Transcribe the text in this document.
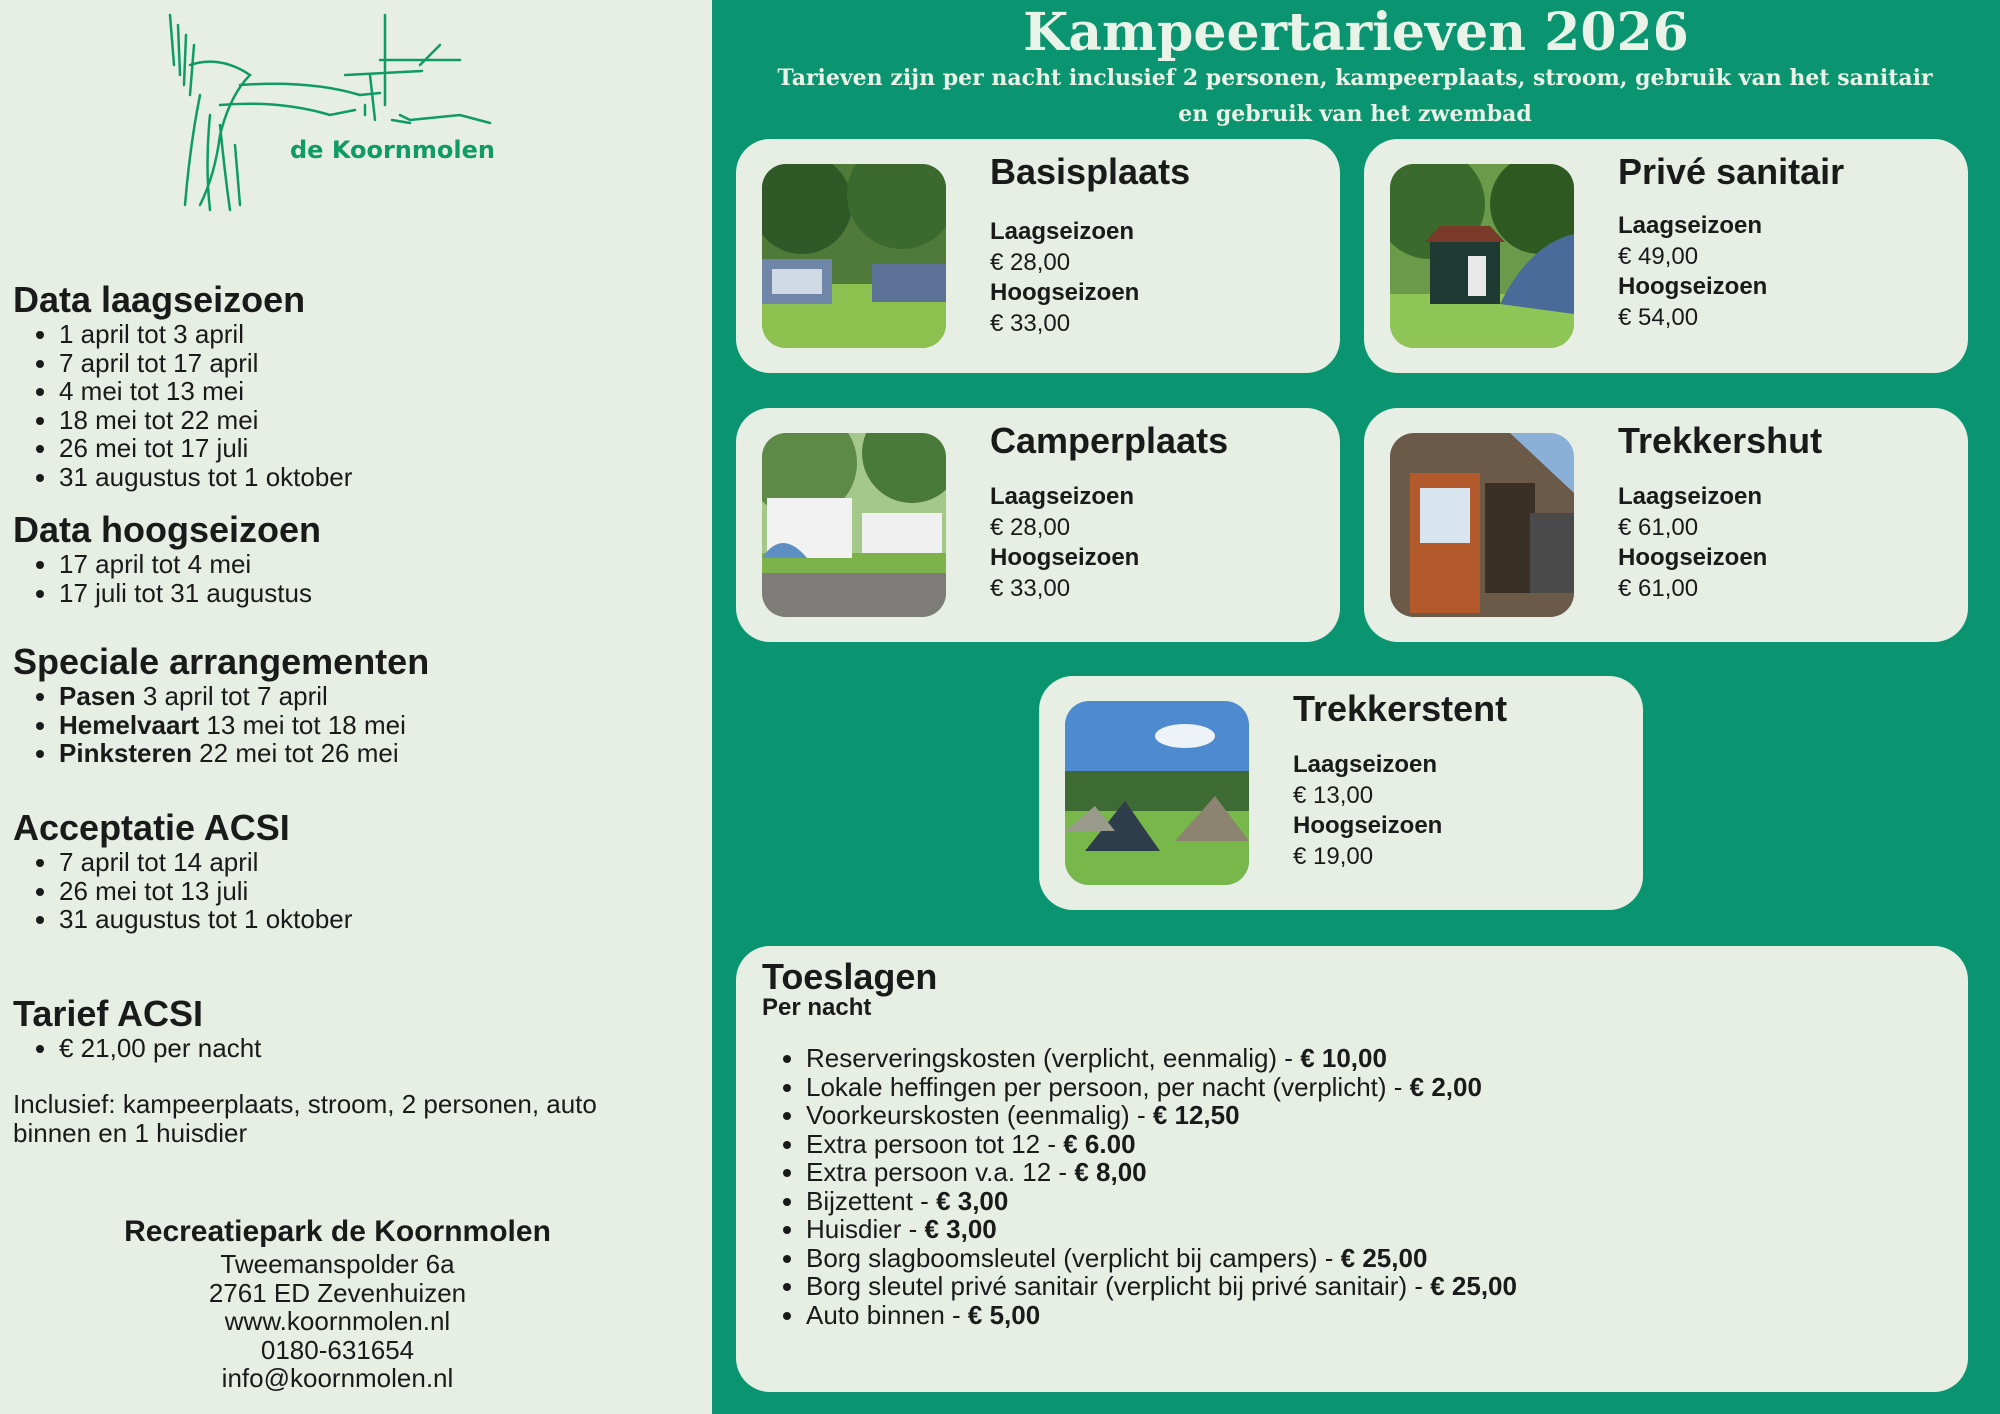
de Koornmolen
Data laagseizoen
• 1 april tot 3 april
• 7 april tot 17 april
• 4 mei tot 13 mei
• 18 mei tot 22 mei
• 26 mei tot 17 juli
• 31 augustus tot 1 oktober
Data hoogseizoen
• 17 april tot 4 mei
• 17 juli tot 31 augustus
Speciale arrangementen
• Pasen 3 april tot 7 april
• Hemelvaart 13 mei tot 18 mei
• Pinksteren 22 mei tot 26 mei
Acceptatie ACSI
• 7 april tot 14 april
• 26 mei tot 13 juli
• 31 augustus tot 1 oktober
Tarief ACSI
• € 21,00 per nacht
Inclusief: kampeerplaats, stroom, 2 personen, auto binnen en 1 huisdier
Recreatiepark de Koornmolen
Tweemanspolder 6a
2761 ED Zevenhuizen
www.koornmolen.nl
0180-631654
info@koornmolen.nl
Kampeertarieven 2026
Tarieven zijn per nacht inclusief 2 personen, kampeerplaats, stroom, gebruik van het sanitair en gebruik van het zwembad
Basisplaats
Laagseizoen
€ 28,00
Hoogseizoen
€ 33,00
Privé sanitair
Laagseizoen
€ 49,00
Hoogseizoen
€ 54,00
Camperplaats
Laagseizoen
€ 28,00
Hoogseizoen
€ 33,00
Trekkershut
Laagseizoen
€ 61,00
Hoogseizoen
€ 61,00
Trekkerstent
Laagseizoen
€ 13,00
Hoogseizoen
€ 19,00
Toeslagen
Per nacht
• Reserveringskosten (verplicht, eenmalig) - € 10,00
• Lokale heffingen per persoon, per nacht (verplicht) - € 2,00
• Voorkeurskosten (eenmalig) - € 12,50
• Extra persoon tot 12 - € 6.00
• Extra persoon v.a. 12 - € 8,00
• Bijzettent - € 3,00
• Huisdier - € 3,00
• Borg slagboomsleutel (verplicht bij campers) - € 25,00
• Borg sleutel privé sanitair (verplicht bij privé sanitair) - € 25,00
• Auto binnen - € 5,00
